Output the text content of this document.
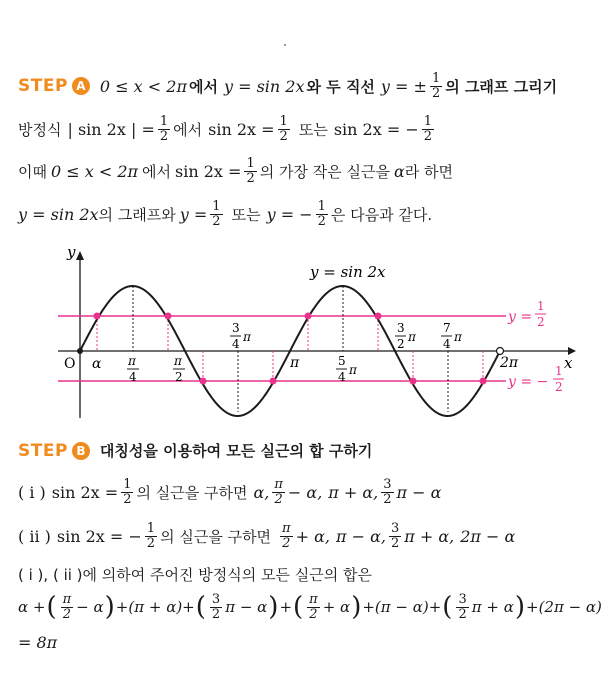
STEP A 0 ≤ x < 2π 에서 y = sin 2x 와 두 직선 y = ± $\frac{1}{2}$ 의 그래프 그리기
방정식 | sin 2x | = $\frac{1}{2}$ 에서 $\sin 2x = \frac{1}{2}$ 또는 sin 2x = − $\frac{1}{2}$
이때 0 ≤ x < 2π 에서 $\sin 2x = \frac{1}{2}$ 의 가장 작은 실근을 α 라 하면
y = sin 2x 의 그래프와 $y = \frac{1}{2}$ 또는 y = − $\frac{1}{2}$ 은 다음과 같다.
y
x
O
y = sin 2x
y =
1
2
y = −
1
2
α π
4
π
2
3
4 π
π	5
4 π
3
2 π
7
4 π
2π
STEP B 대칭성을 이용하여 모든 실근의 합 구하기
( i ) $\sin 2x = \frac{1}{2}$ 의 실근을 구하면 α, $\frac{\pi}{2} - \alpha$, π + α, $\frac{3}{2}$ π − α
( ii ) sin 2x = − $\frac{1}{2}$ 의 실근을 구하면 $\frac{\pi}{2} + \alpha$, π − α, $\frac{3}{2}$ π + α, 2π − α
( i ), ( ii )에 의하여 주어진 방정식의 모든 실근의 합은
α + ( $\frac{\pi}{2} - \alpha$ ) + (π + α) + ( $\frac{3}{2}$ π − α ) + ( $\frac{\pi}{2} + \alpha$ ) + (π − α) + ( $\frac{3}{2}$ π + α ) + (2π − α)
= 8π
